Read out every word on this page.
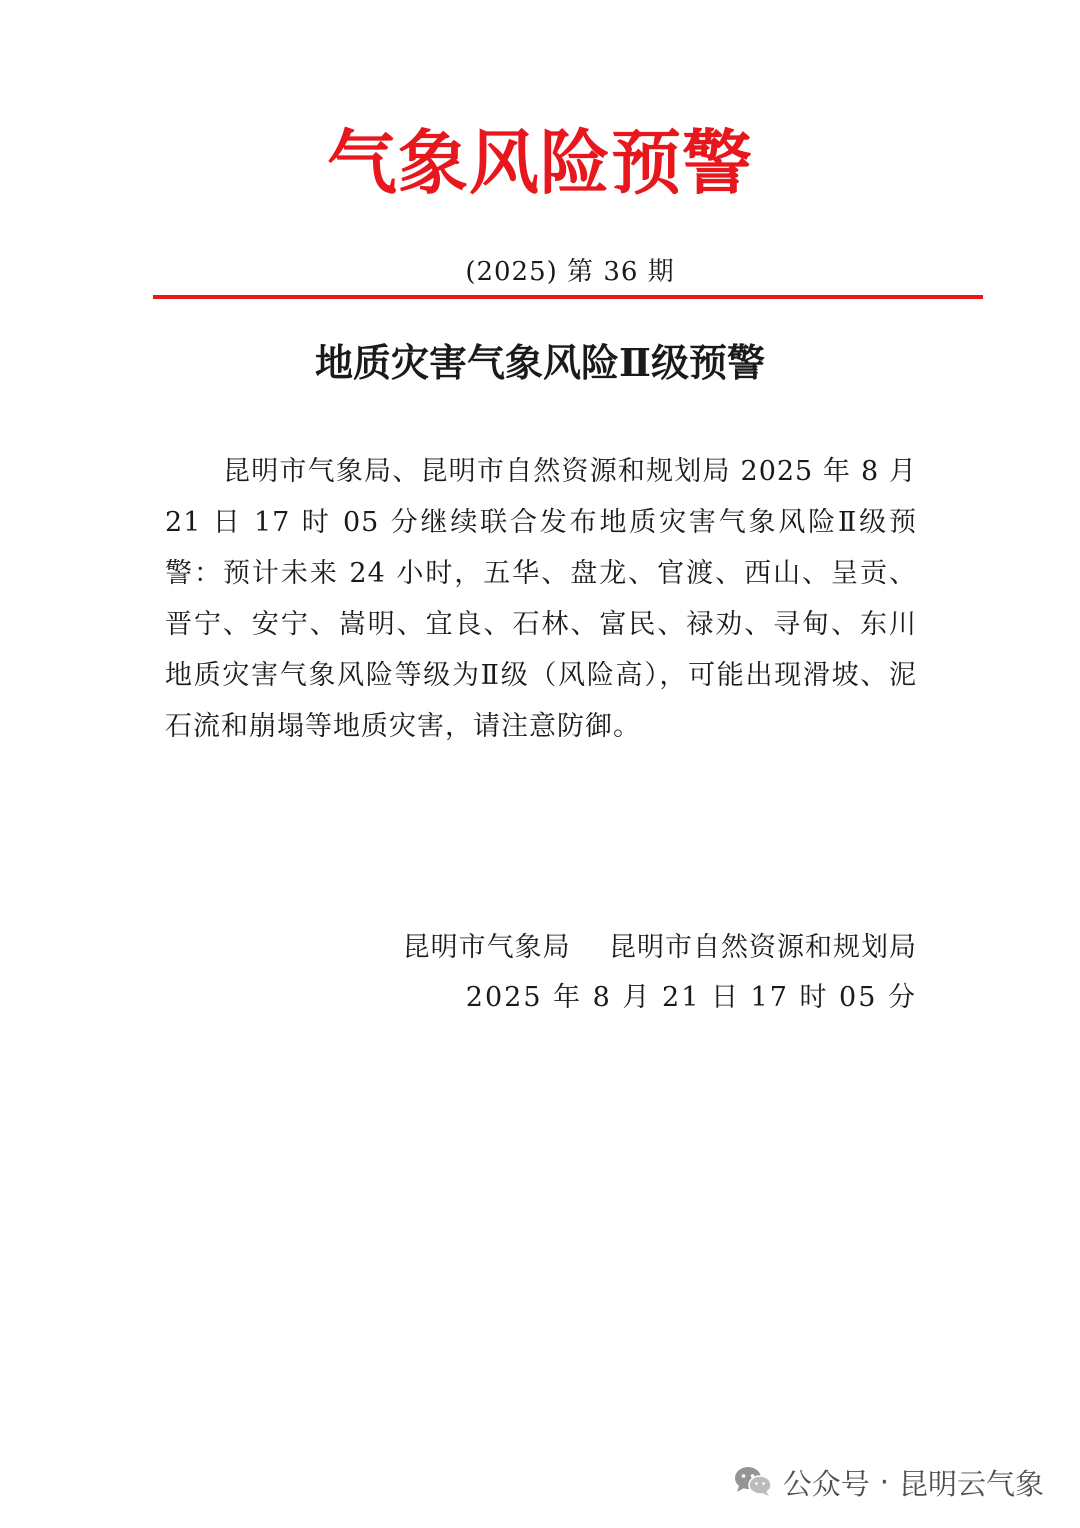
气象风险预警
(2025) 第 36 期
地质灾害气象风险Ⅱ级预警

昆明市气象局、昆明市自然资源和规划局 2025 年 8 月 21 日 17 时 05 分继续联合发布地质灾害气象风险Ⅱ级预警：预计未来 24 小时，五华、盘龙、官渡、西山、呈贡、晋宁、安宁、嵩明、宜良、石林、富民、禄劝、寻甸、东川地质灾害气象风险等级为Ⅱ级（风险高），可能出现滑坡、泥石流和崩塌等地质灾害，请注意防御。

昆明市气象局    昆明市自然资源和规划局
2025 年 8 月 21 日 17 时 05 分
公众号 · 昆明云气象
